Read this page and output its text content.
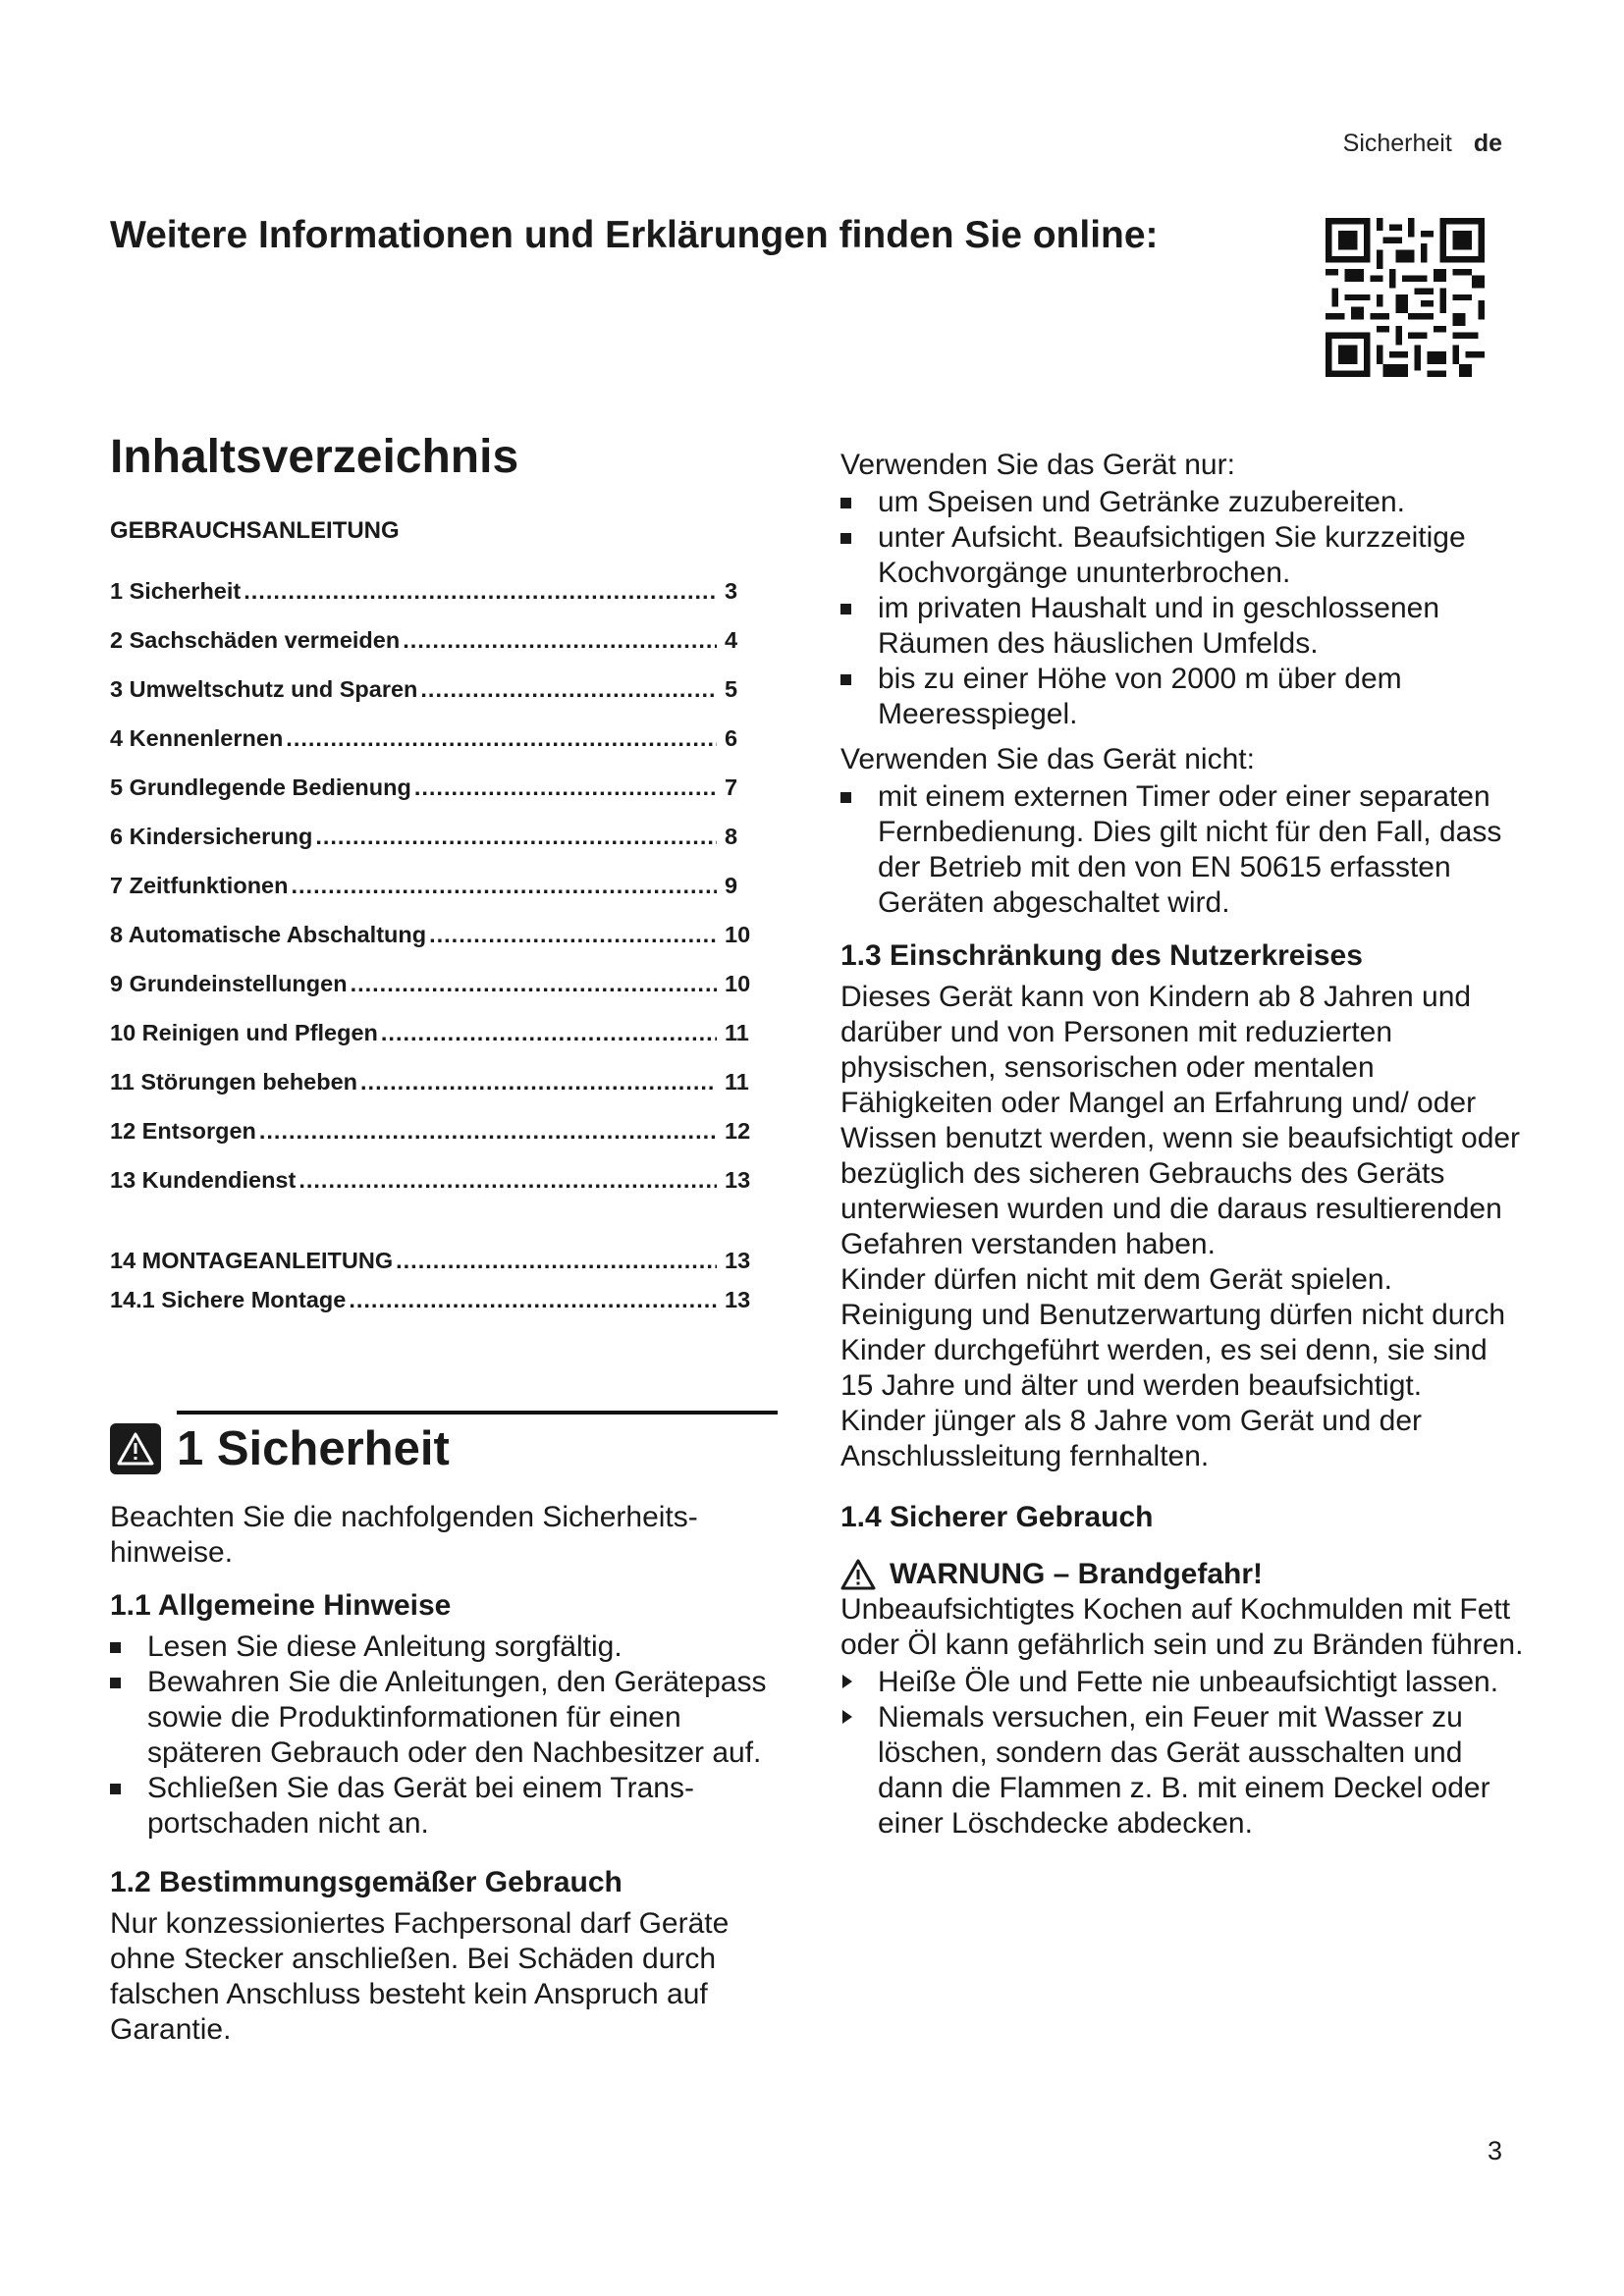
Sicherheit de
Weitere Informationen und Erklärungen finden Sie online:
Inhaltsverzeichnis
GEBRAUCHSANLEITUNG
1 Sicherheit .....	3
2 Sachschäden vermeiden .....	4
3 Umweltschutz und Sparen .....	5
4 Kennenlernen .....	6
5 Grundlegende Bedienung .....	7
6 Kindersicherung .....	8
7 Zeitfunktionen .....	9
8 Automatische Abschaltung .....	10
9 Grundeinstellungen .....	10
10 Reinigen und Pflegen .....	11
11 Störungen beheben .....	11
12 Entsorgen .....	12
13 Kundendienst .....	13
14 MONTAGEANLEITUNG .....	13
14.1 Sichere Montage .....	13
1 Sicherheit

Beachten Sie die nachfolgenden Sicherheitshinweise.

1.1 Allgemeine Hinweise
Lesen Sie diese Anleitung sorgfältig.
Bewahren Sie die Anleitungen, den Gerätepass sowie die Produktinformationen für einen späteren Gebrauch oder den Nachbesitzer auf.
Schließen Sie das Gerät bei einem Transportschaden nicht an.
1.2 Bestimmungsgemäßer Gebrauch

Nur konzessioniertes Fachpersonal darf Geräte ohne Stecker anschließen. Bei Schäden durch falschen Anschluss besteht kein Anspruch auf Garantie.

Verwenden Sie das Gerät nur:

um Speisen und Getränke zuzubereiten.
unter Aufsicht. Beaufsichtigen Sie kurzzeitige Kochvorgänge ununterbrochen.
im privaten Haushalt und in geschlossenen Räumen des häuslichen Umfelds.
bis zu einer Höhe von 2000 m über dem Meeresspiegel.

Verwenden Sie das Gerät nicht:

mit einem externen Timer oder einer separaten Fernbedienung. Dies gilt nicht für den Fall, dass der Betrieb mit den von EN 50615 erfassten Geräten abgeschaltet wird.
1.3 Einschränkung des Nutzerkreises

Dieses Gerät kann von Kindern ab 8 Jahren und darüber und von Personen mit reduzierten physischen, sensorischen oder mentalen Fähigkeiten oder Mangel an Erfahrung und/ oder Wissen benutzt werden, wenn sie beaufsichtigt oder bezüglich des sicheren Gebrauchs des Geräts unterwiesen wurden und die daraus resultierenden Gefahren verstanden haben.

Kinder dürfen nicht mit dem Gerät spielen.

Reinigung und Benutzerwartung dürfen nicht durch Kinder durchgeführt werden, es sei denn, sie sind 15 Jahre und älter und werden beaufsichtigt.

Kinder jünger als 8 Jahre vom Gerät und der Anschlussleitung fernhalten.

1.4 Sicherer Gebrauch
WARNUNG – Brandgefahr!

Unbeaufsichtigtes Kochen auf Kochmulden mit Fett oder Öl kann gefährlich sein und zu Bränden führen.

Heiße Öle und Fette nie unbeaufsichtigt lassen.
Niemals versuchen, ein Feuer mit Wasser zu löschen, sondern das Gerät ausschalten und dann die Flammen z. B. mit einem Deckel oder einer Löschdecke abdecken.
3
